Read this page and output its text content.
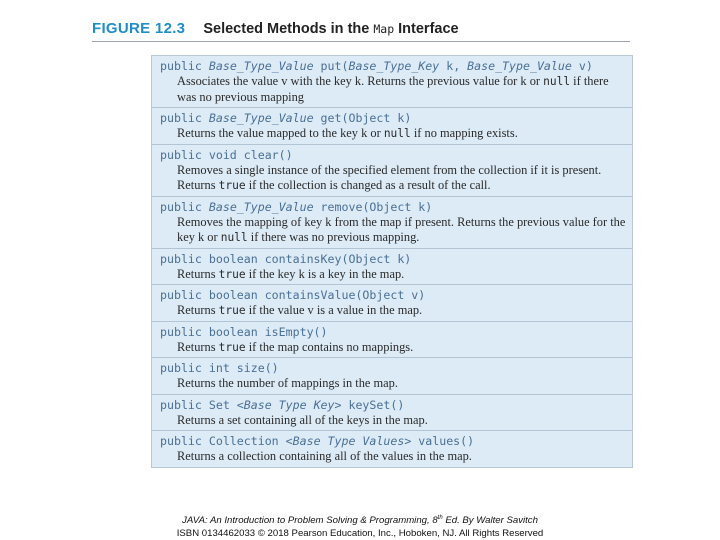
FIGURE 12.3 Selected Methods in the Map Interface
public Base_Type_Value put(Base_Type_Key k, Base_Type_Value v)
Associates the value v with the key k. Returns the previous value for k or null if there was no previous mapping
public Base_Type_Value get(Object k)
Returns the value mapped to the key k or null if no mapping exists.
public void clear()
Removes a single instance of the specified element from the collection if it is present. Returns true if the collection is changed as a result of the call.
public Base_Type_Value remove(Object k)
Removes the mapping of key k from the map if present. Returns the previous value for the key k or null if there was no previous mapping.
public boolean containsKey(Object k)
Returns true if the key k is a key in the map.
public boolean containsValue(Object v)
Returns true if the value v is a value in the map.
public boolean isEmpty()
Returns true if the map contains no mappings.
public int size()
Returns the number of mappings in the map.
public Set <Base Type Key> keySet()
Returns a set containing all of the keys in the map.
public Collection <Base Type Values> values()
Returns a collection containing all of the values in the map.
JAVA: An Introduction to Problem Solving & Programming, 8th Ed. By Walter Savitch
ISBN 0134462033 © 2018 Pearson Education, Inc., Hoboken, NJ. All Rights Reserved
